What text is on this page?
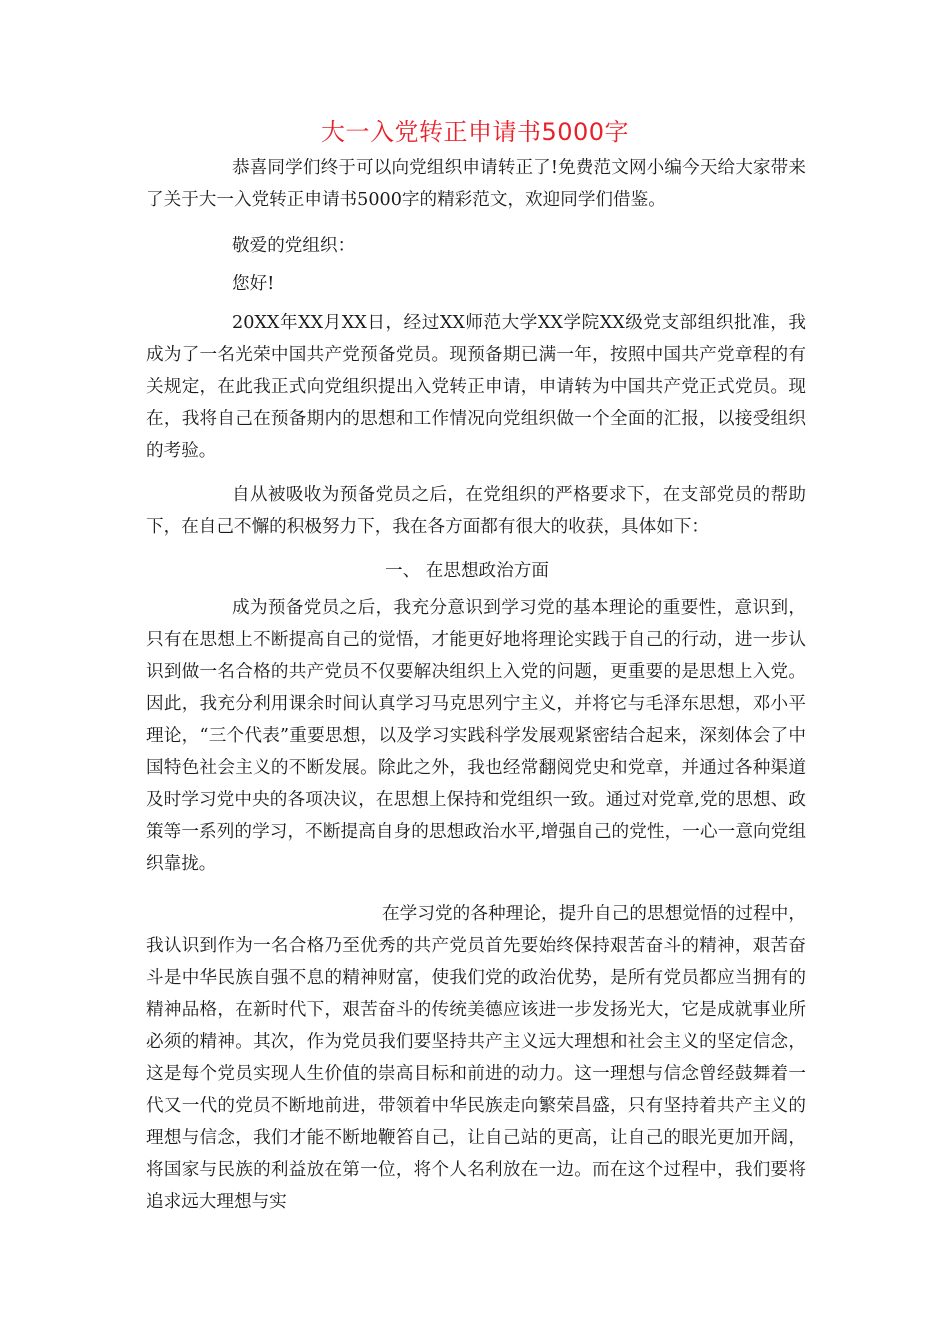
大一入党转正申请书5000字
恭喜同学们终于可以向党组织申请转正了!免费范文网小编今天给大家带来了关于大一入党转正申请书5000字的精彩范文，欢迎同学们借鉴。
敬爱的党组织：
您好!
20XX年XX月XX日，经过XX师范大学XX学院XX级党支部组织批准，我成为了一名光荣中国共产党预备党员。现预备期已满一年，按照中国共产党章程的有关规定，在此我正式向党组织提出入党转正申请，申请转为中国共产党正式党员。现在，我将自己在预备期内的思想和工作情况向党组织做一个全面的汇报，以接受组织的考验。
自从被吸收为预备党员之后，在党组织的严格要求下，在支部党员的帮助下，在自己不懈的积极努力下，我在各方面都有很大的收获，具体如下：
一、 在思想政治方面
成为预备党员之后，我充分意识到学习党的基本理论的重要性，意识到，只有在思想上不断提高自己的觉悟，才能更好地将理论实践于自己的行动，进一步认识到做一名合格的共产党员不仅要解决组织上入党的问题，更重要的是思想上入党。因此，我充分利用课余时间认真学习马克思列宁主义，并将它与毛泽东思想，邓小平理论，“三个代表”重要思想，以及学习实践科学发展观紧密结合起来，深刻体会了中国特色社会主义的不断发展。除此之外，我也经常翻阅党史和党章，并通过各种渠道及时学习党中央的各项决议，在思想上保持和党组织一致。通过对党章,党的思想、政策等一系列的学习，不断提高自身的思想政治水平,增强自己的党性，一心一意向党组织靠拢。
在学习党的各种理论，提升自己的思想觉悟的过程中，我认识到作为一名合格乃至优秀的共产党员首先要始终保持艰苦奋斗的精神，艰苦奋斗是中华民族自强不息的精神财富，使我们党的政治优势，是所有党员都应当拥有的精神品格，在新时代下，艰苦奋斗的传统美德应该进一步发扬光大，它是成就事业所必须的精神。其次，作为党员我们要坚持共产主义远大理想和社会主义的坚定信念，这是每个党员实现人生价值的崇高目标和前进的动力。这一理想与信念曾经鼓舞着一代又一代的党员不断地前进，带领着中华民族走向繁荣昌盛，只有坚持着共产主义的理想与信念，我们才能不断地鞭笞自己，让自己站的更高，让自己的眼光更加开阔，将国家与民族的利益放在第一位，将个人名利放在一边。而在这个过程中，我们要将追求远大理想与实
